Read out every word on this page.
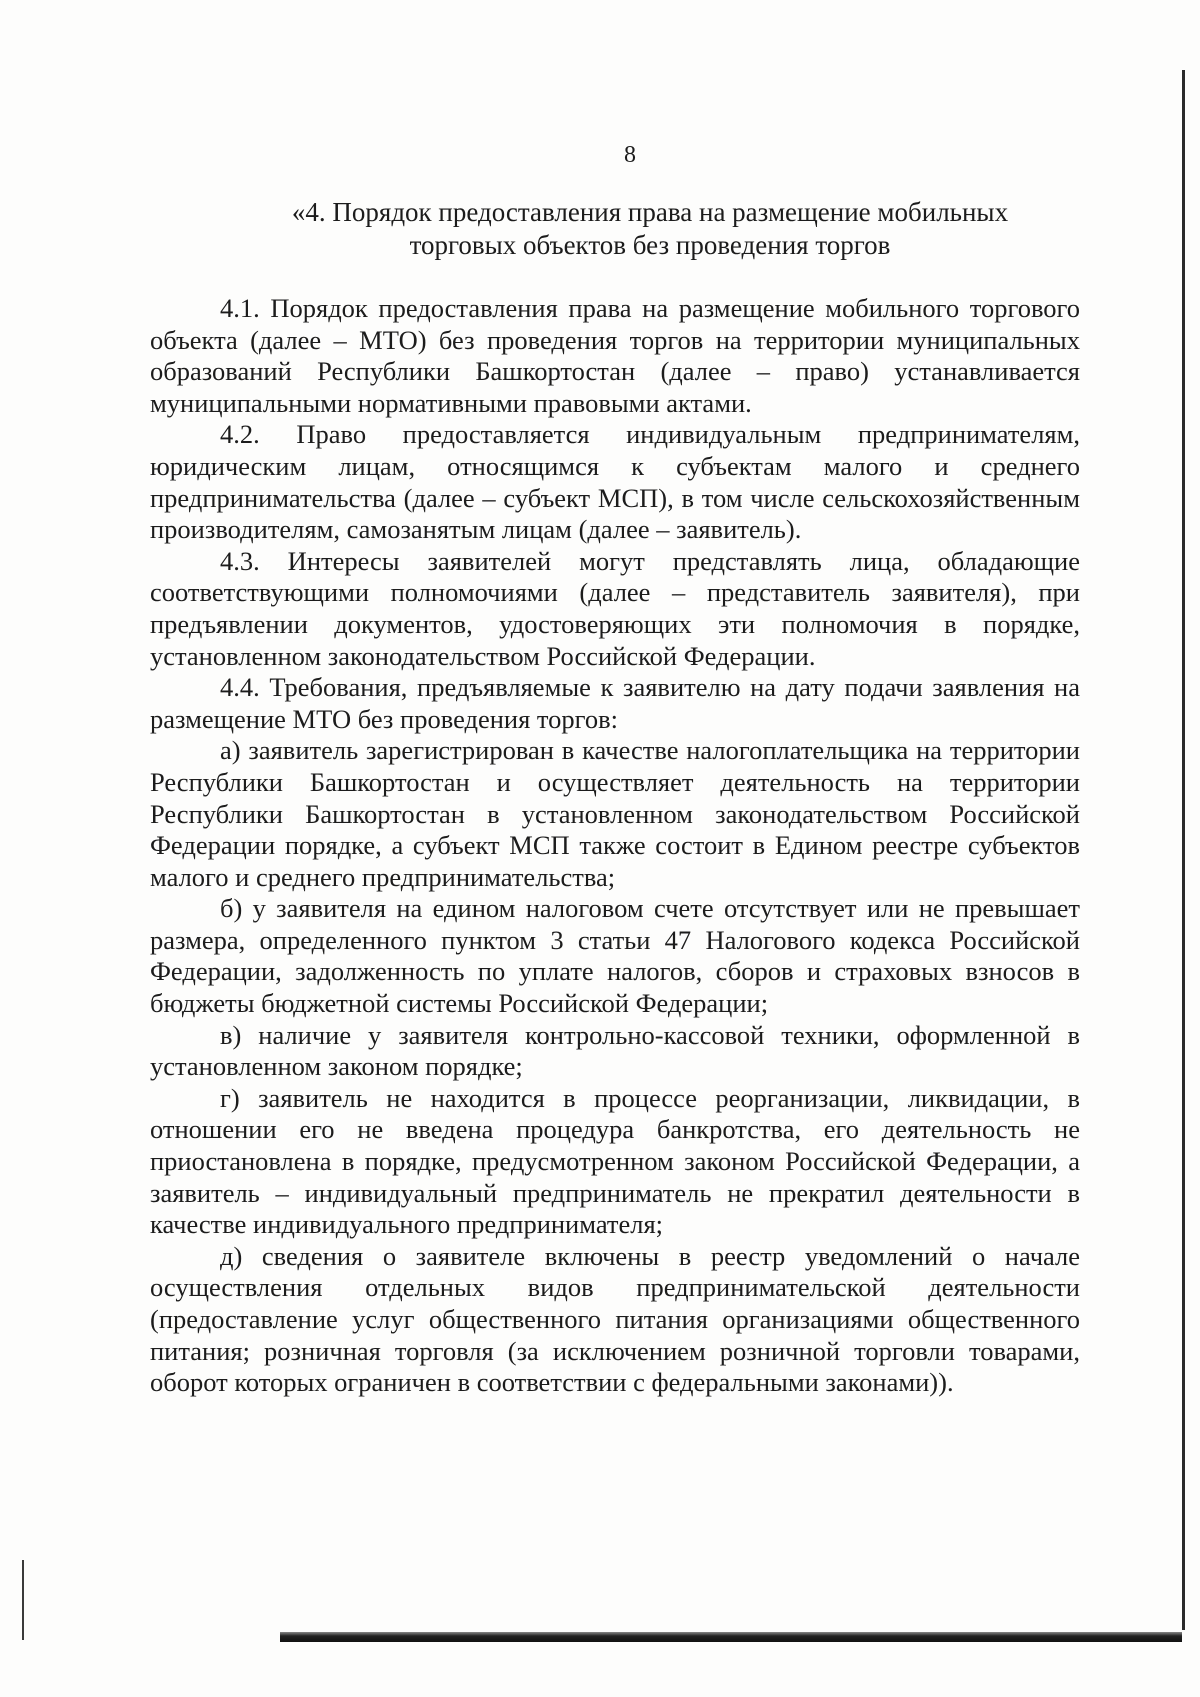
8
«4. Порядок предоставления права на размещение мобильных
торговых объектов без проведения торгов

4.1. Порядок предоставления права на размещение мобильного торгового объекта (далее – МТО) без проведения торгов на территории муниципальных образований Республики Башкортостан (далее – право) устанавливается муниципальными нормативными правовыми актами.

4.2. Право предоставляется индивидуальным предпринимателям, юридическим лицам, относящимся к субъектам малого и среднего предпринимательства (далее – субъект МСП), в том числе сельскохозяйственным производителям, самозанятым лицам (далее – заявитель).

4.3. Интересы заявителей могут представлять лица, обладающие соответствующими полномочиями (далее – представитель заявителя), при предъявлении документов, удостоверяющих эти полномочия в порядке, установленном законодательством Российской Федерации.

4.4. Требования, предъявляемые к заявителю на дату подачи заявления на размещение МТО без проведения торгов:

а) заявитель зарегистрирован в качестве налогоплательщика на территории Республики Башкортостан и осуществляет деятельность на территории Республики Башкортостан в установленном законодательством Российской Федерации порядке, а субъект МСП также состоит в Едином реестре субъектов малого и среднего предпринимательства;

б) у заявителя на едином налоговом счете отсутствует или не превышает размера, определенного пунктом 3 статьи 47 Налогового кодекса Российской Федерации, задолженность по уплате налогов, сборов и страховых взносов в бюджеты бюджетной системы Российской Федерации;

в) наличие у заявителя контрольно-кассовой техники, оформленной в установленном законом порядке;

г) заявитель не находится в процессе реорганизации, ликвидации, в отношении его не введена процедура банкротства, его деятельность не приостановлена в порядке, предусмотренном законом Российской Федерации, а заявитель – индивидуальный предприниматель не прекратил деятельности в качестве индивидуального предпринимателя;

д) сведения о заявителе включены в реестр уведомлений о начале осуществления отдельных видов предпринимательской деятельности (предоставление услуг общественного питания организациями общественного питания; розничная торговля (за исключением розничной торговли товарами, оборот которых ограничен в соответствии с федеральными законами)).
